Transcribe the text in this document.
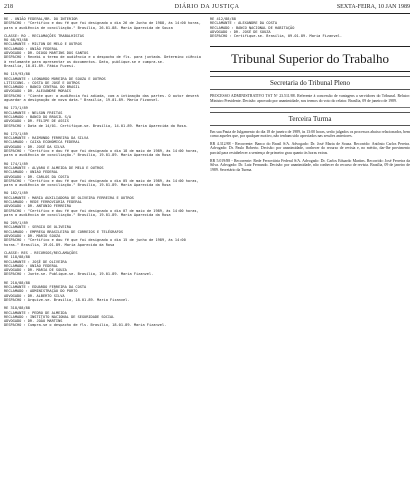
218	DIÁRIO DA JUSTIÇA	SEXTA-FEIRA, 10 JAN 1989
RE - UNIÃO FEDERAL/BR. DO INTERIOR
DESPACHO : "Certifico e dou fé que foi designado o dia 26 de Junho de 1988, às 14:00 horas, para a audiência de conciliação." Brasília, 26.01.88. Maria Aparecida de Souza
CLASSE: RO - RECLAMAÇÕES TRABALHISTAS
RO 68/93/88
RECLAMANTE : MILTON DE MELO E OUTROS
RECLAMADO : UNIÃO FEDERAL
ADVOGADO : DR. DIOGO MARTINS DOS SANTOS
DESPACHO : Recebi o termo de audiência e o despacho de fls. para juntada. Determino ciência à reclamante para apresentar os documentos. Data, publique-se e cumpra-se.
Brasília, 10.01.89. Fábio Fuzesi.
RO 119/93/88
RECLAMANTE : LEONARDO MOREIRA DE SOUZA E OUTROS
LITISCONS. : COSTA DE JOSÉ E OUTROS
RECLAMADO : BANCO CENTRAL DO BRASIL
ADVOGADO : DR. ALEXANDRE MORAIS
DESPACHO : "Ciente que: a audiência foi adiada, com a intimação das partes. O autor deverá aguardar a designação de nova data." Brasília, 19.01.89. Maria Fizanvel.
RO 173/1/89
RECLAMANTE : NELSON FREITAS
RECLAMADO : BANCO DO BRASIL S/A
ADVOGADO : DR. FELIPE DE ASSIS
DESPACHO : Data de 14/01. Certifique-se. Brasília, 14.01.89. Maria Aparecida da Rosa.
RO 173/1/89
RECLAMANTE : RAIMUNDO FERREIRA DA SILVA
RECLAMADO : CAIXA ECONÔMICA FEDERAL
ADVOGADO : DR. JOSÉ DA SILVA
DESPACHO : "Certifico e dou fé que foi designado o dia 18 de maio de 1989, às 14:00 horas, para a audiência de conciliação." Brasília, 19.01.89. Maria Aparecida da Rosa
RO 174/1/89
RECLAMANTE : ALVARO E ALMEIDA DE MELO E OUTROS
RECLAMADO : UNIÃO FEDERAL
ADVOGADO : DR. CARLOS DA COSTA
DESPACHO : "Certifico e dou fé que foi designado o dia 05 de maio de 1989, às 14:00 horas, para a audiência de conciliação." Brasília, 19.01.89. Maria Aparecida da Rosa
RO 182/1/89
RECLAMANTE : MARIA AUXILIADORA DE OLIVEIRA FERREIRA E OUTROS
RECLAMADO : REDE FERROVIÁRIA FEDERAL
ADVOGADO : DR. ANTONIO FERREIRA
DESPACHO : "Certifico e dou fé que foi designado o dia 07 de maio de 1989, às 14:00 horas, para a audiência de conciliação." Brasília, 19.01.89. Maria Aparecida da Rosa
RO 209/1/89
RECLAMANTE : SERGIO DE OLIVEIRA
RECLAMADO : EMPRESA BRASILEIRA DE CORREIOS E TELÉGRAFOS
ADVOGADO : DR. MARIO SOUZA
DESPACHO : "Certifico e dou fé que foi designado o dia 15 de junho de 1989, às 14:00 horas." Brasília, 19.01.89. Maria Aparecida da Rosa
CLASSE: RES - RECURSOS/RECLAMAÇÕES
RE 118/88/88
RECLAMANTE : JOSÉ DE OLIVEIRA
RECLAMADO : UNIÃO FEDERAL
ADVOGADO : DR. MARIA DE SOUZA
DESPACHO : Junte-se. Publique-se. Brasília, 19.01.89. Maria Fizanvel.
RE 210/88/88
RECLAMANTE : EDUARDO FERREIRA DA COSTA
RECLAMADO : ADMINISTRAÇÃO DO PORTO
ADVOGADO : DR. ALBERTO SILVA
DESPACHO : Arquive-se. Brasília, 18.01.89. Maria Fizanvel.
RE 318/88/88
RECLAMANTE : PEDRO DE ALMEIDA
RECLAMADO : INSTITUTO NACIONAL DE SEGURIDADE SOCIAL
ADVOGADO : DR. JOÃO MARTINS
DESPACHO : Cumpra-se o despacho de fls. Brasília, 18.01.89. Maria Fizanvel.
RE 412/88/88
RECLAMANTE : ALEXANDRE DA COSTA
RECLAMADO : BANCO NACIONAL DE HABITAÇÃO
ADVOGADO : DR. JOSÉ DE SOUZA
DESPACHO : Certifique-se. Brasília, 09.01.89. Maria Fizanvel.
Tribunal Superior do Trabalho
Secretaria do Tribunal Pleno
PROCESSO ADMINISTRATIVO TST Nº 23.511/88. Referente à concessão de vantagens a servidores do Tribunal. Relator: Ministro Presidente. Decisão: aprovado por unanimidade, nos termos do voto do relator. Brasília, 09 de janeiro de 1989.
Terceira Turma
Em sua Pauta de Julgamento do dia 18 de janeiro de 1989, às 13:00 horas, serão julgados os processos abaixo relacionados, bem como aqueles que, por qualquer motivo, não tenham sido apreciados nas sessões anteriores.
RR 4.312/88 - Recorrente: Banco do Brasil S/A. Advogado: Dr. José Maria de Souza. Recorrido: Antônio Carlos Pereira. Advogado: Dr. Paulo Roberto. Decisão: por unanimidade, conhecer do recurso de revista e, no mérito, dar-lhe provimento parcial para restabelecer a sentença de primeiro grau quanto às horas extras.
RR 5.019/88 - Recorrente: Rede Ferroviária Federal S/A. Advogado: Dr. Carlos Eduardo Martins. Recorrido: José Ferreira da Silva. Advogado: Dr. Luiz Fernando. Decisão: por unanimidade, não conhecer do recurso de revista. Brasília, 09 de janeiro de 1989. Secretário da Turma.
